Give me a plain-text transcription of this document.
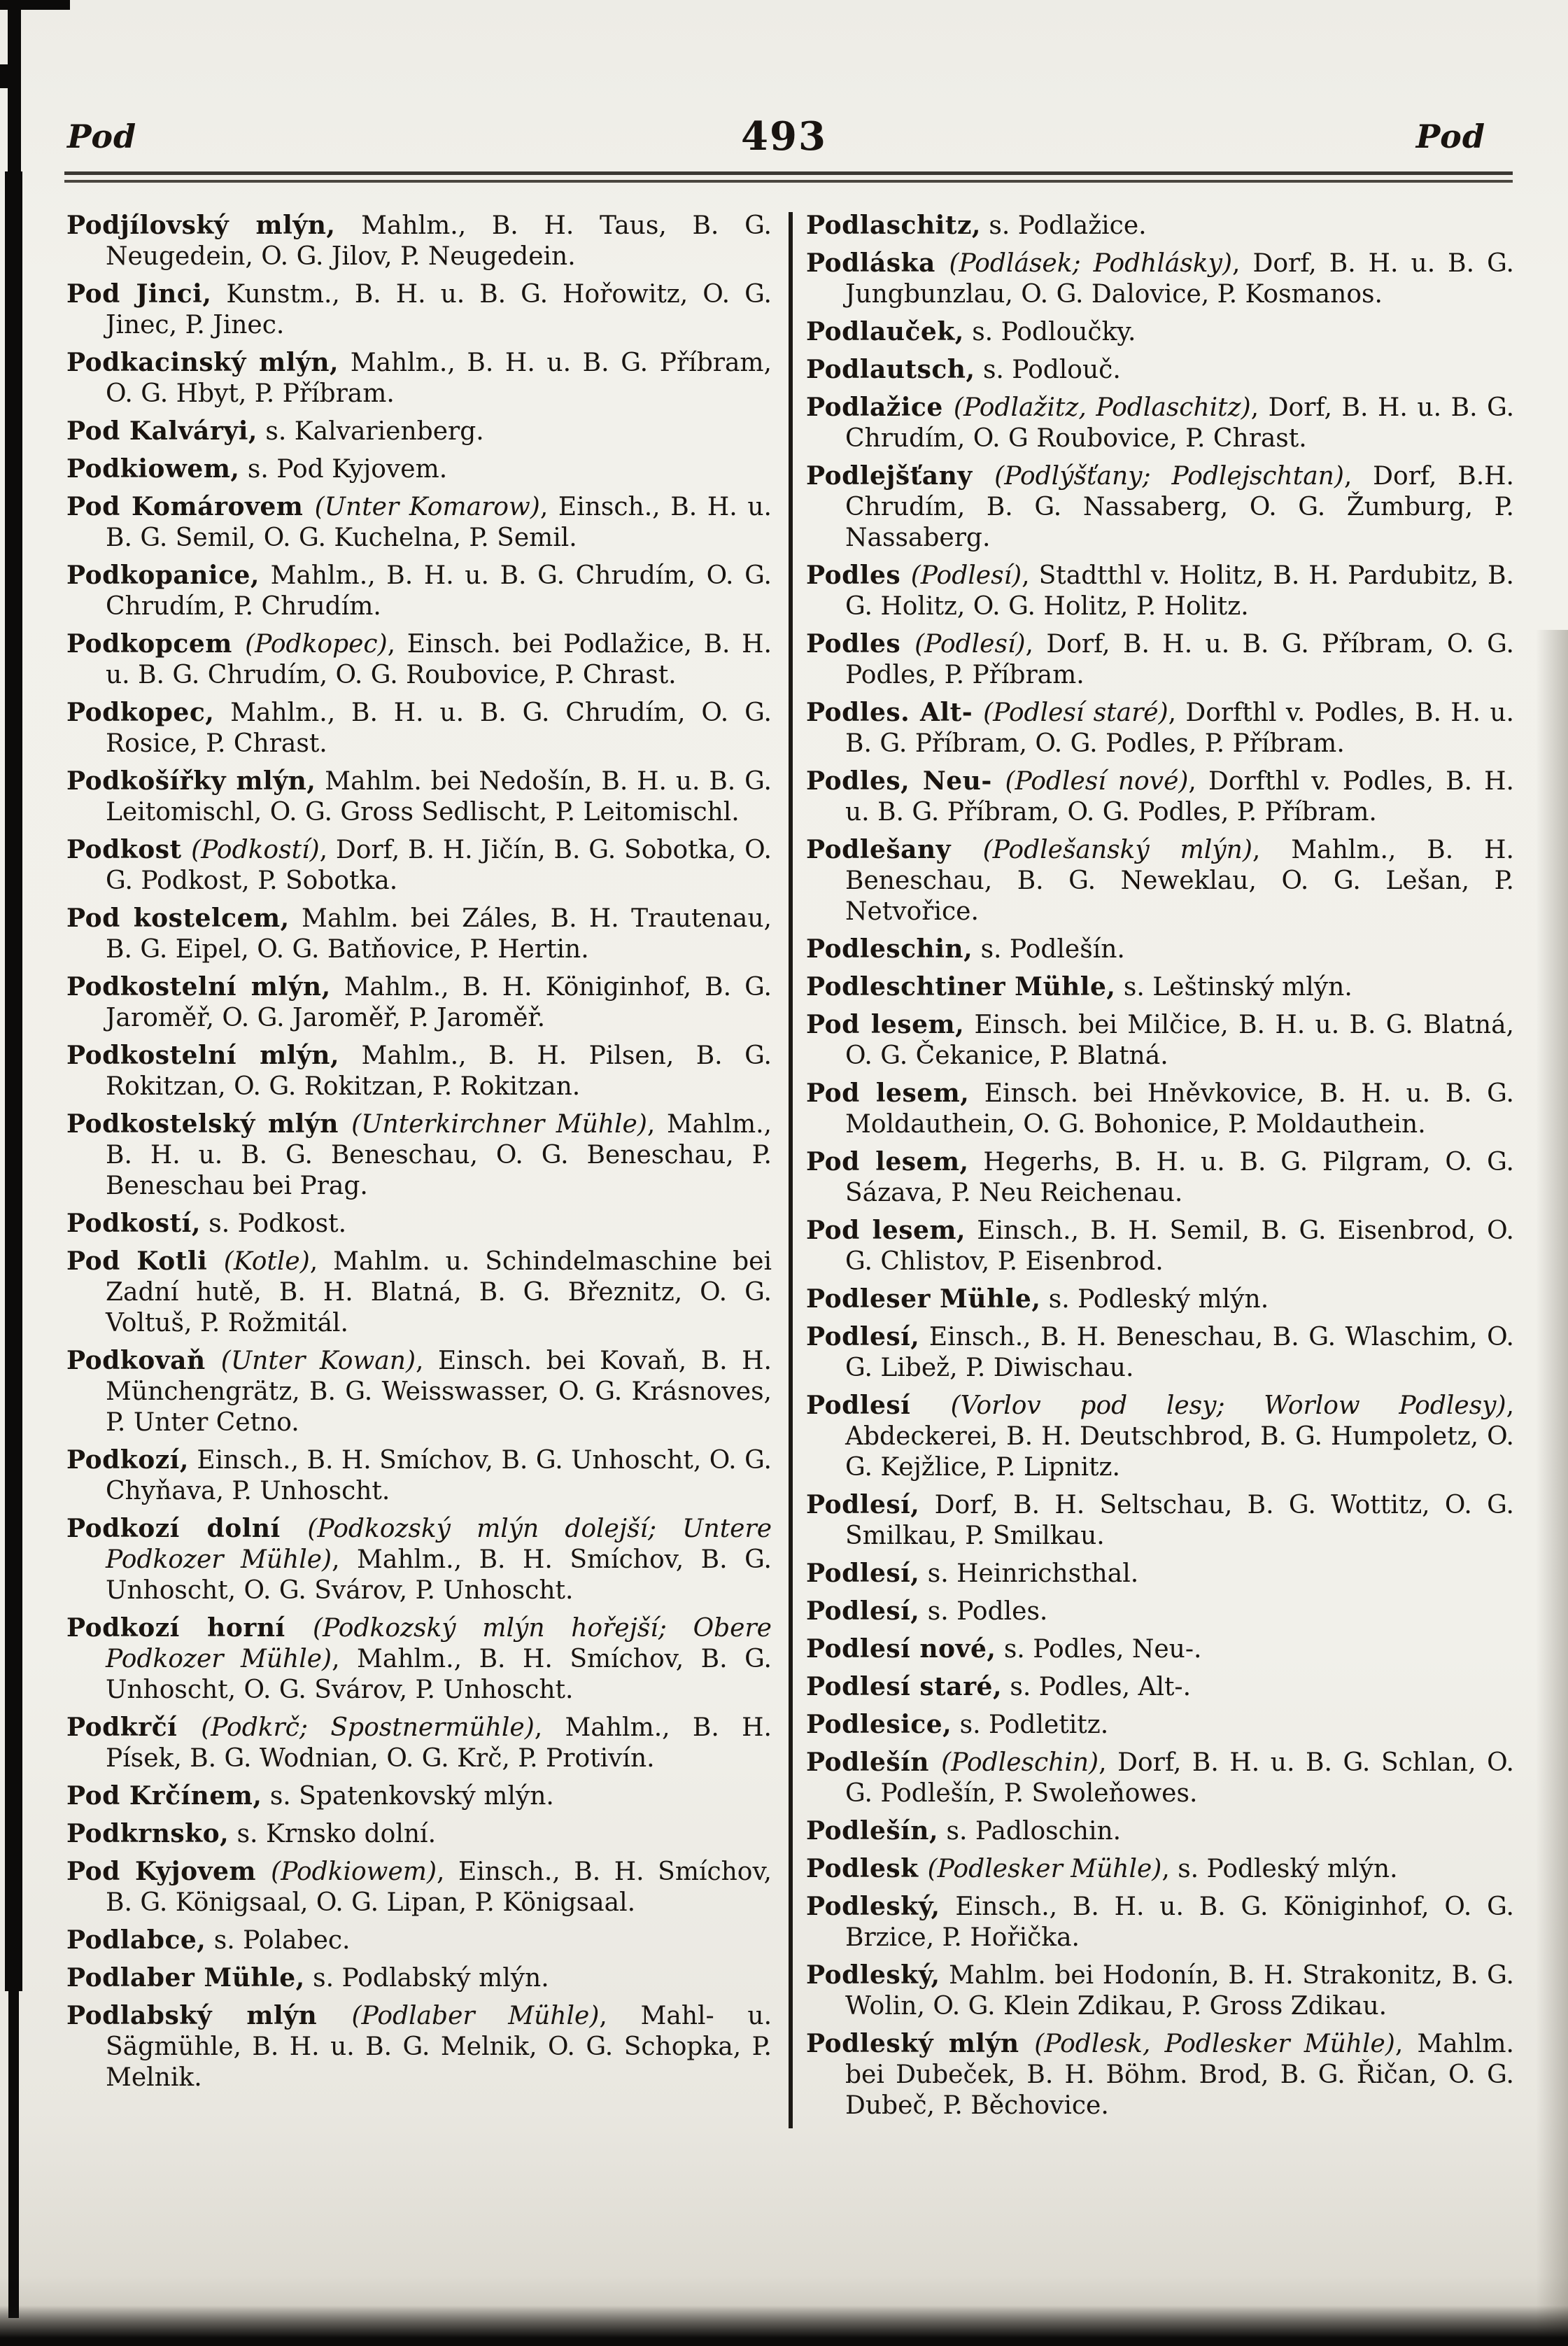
Pod	493	Pod

Podjílovský mlýn, Mahlm., B. H. Taus, B. G. Neugedein, O. G. Jilov, P. Neugedein.

Pod Jinci, Kunstm., B. H. u. B. G. Hořowitz, O. G. Jinec, P. Jinec.

Podkacinský mlýn, Mahlm., B. H. u. B. G. Příbram, O. G. Hbyt, P. Příbram.

Pod Kalváryi, s. Kalvarienberg.

Podkiowem, s. Pod Kyjovem.

Pod Komárovem (Unter Komarow), Einsch., B. H. u. B. G. Semil, O. G. Kuchelna, P. Semil.

Podkopanice, Mahlm., B. H. u. B. G. Chrudím, O. G. Chrudím, P. Chrudím.

Podkopcem (Podkopec), Einsch. bei Podlažice, B. H. u. B. G. Chrudím, O. G. Roubovice, P. Chrast.

Podkopec, Mahlm., B. H. u. B. G. Chrudím, O. G. Rosice, P. Chrast.

Podkošířky mlýn, Mahlm. bei Nedošín, B. H. u. B. G. Leitomischl, O. G. Gross Sedlischt, P. Leitomischl.

Podkost (Podkostí), Dorf, B. H. Jičín, B. G. Sobotka, O. G. Podkost, P. Sobotka.

Pod kostelcem, Mahlm. bei Záles, B. H. Trautenau, B. G. Eipel, O. G. Batňovice, P. Hertin.

Podkostelní mlýn, Mahlm., B. H. Königinhof, B. G. Jaroměř, O. G. Jaroměř, P. Jaroměř.

Podkostelní mlýn, Mahlm., B. H. Pilsen, B. G. Rokitzan, O. G. Rokitzan, P. Rokitzan.

Podkostelský mlýn (Unterkirchner Mühle), Mahlm., B. H. u. B. G. Beneschau, O. G. Beneschau, P. Beneschau bei Prag.

Podkostí, s. Podkost.

Pod Kotli (Kotle), Mahlm. u. Schindelmaschine bei Zadní hutě, B. H. Blatná, B. G. Březnitz, O. G. Voltuš, P. Rožmitál.

Podkovaň (Unter Kowan), Einsch. bei Kovaň, B. H. Münchengrätz, B. G. Weisswasser, O. G. Krásnoves, P. Unter Cetno.

Podkozí, Einsch., B. H. Smíchov, B. G. Unhoscht, O. G. Chyňava, P. Unhoscht.

Podkozí dolní (Podkozský mlýn dolejší; Untere Podkozer Mühle), Mahlm., B. H. Smíchov, B. G. Unhoscht, O. G. Svárov, P. Unhoscht.

Podkozí horní (Podkozský mlýn hořejší; Obere Podkozer Mühle), Mahlm., B. H. Smíchov, B. G. Unhoscht, O. G. Svárov, P. Unhoscht.

Podkrčí (Podkrč; Spostnermühle), Mahlm., B. H. Písek, B. G. Wodnian, O. G. Krč, P. Protivín.

Pod Krčínem, s. Spatenkovský mlýn.

Podkrnsko, s. Krnsko dolní.

Pod Kyjovem (Podkiowem), Einsch., B. H. Smíchov, B. G. Königsaal, O. G. Lipan, P. Königsaal.

Podlabce, s. Polabec.

Podlaber Mühle, s. Podlabský mlýn.

Podlabský mlýn (Podlaber Mühle), Mahl- u. Sägmühle, B. H. u. B. G. Melnik, O. G. Schopka, P. Melnik.

Podlaschitz, s. Podlažice.

Podláska (Podlásek; Podhlásky), Dorf, B. H. u. B. G. Jungbunzlau, O. G. Dalovice, P. Kosmanos.

Podlauček, s. Podloučky.

Podlautsch, s. Podlouč.

Podlažice (Podlažitz, Podlaschitz), Dorf, B. H. u. B. G. Chrudím, O. G Roubovice, P. Chrast.

Podlejšťany (Podlýšťany; Podlejschtan), Dorf, B.H. Chrudím, B. G. Nassaberg, O. G. Žumburg, P. Nassaberg.

Podles (Podlesí), Stadtthl v. Holitz, B. H. Pardubitz, B. G. Holitz, O. G. Holitz, P. Holitz.

Podles (Podlesí), Dorf, B. H. u. B. G. Příbram, O. G. Podles, P. Příbram.

Podles. Alt- (Podlesí staré), Dorfthl v. Podles, B. H. u. B. G. Příbram, O. G. Podles, P. Příbram.

Podles, Neu- (Podlesí nové), Dorfthl v. Podles, B. H. u. B. G. Příbram, O. G. Podles, P. Příbram.

Podlešany (Podlešanský mlýn), Mahlm., B. H. Beneschau, B. G. Neweklau, O. G. Lešan, P. Netvořice.

Podleschin, s. Podlešín.

Podleschtiner Mühle, s. Leštinský mlýn.

Pod lesem, Einsch. bei Milčice, B. H. u. B. G. Blatná, O. G. Čekanice, P. Blatná.

Pod lesem, Einsch. bei Hněvkovice, B. H. u. B. G. Moldauthein, O. G. Bohonice, P. Moldauthein.

Pod lesem, Hegerhs, B. H. u. B. G. Pilgram, O. G. Sázava, P. Neu Reichenau.

Pod lesem, Einsch., B. H. Semil, B. G. Eisenbrod, O. G. Chlistov, P. Eisenbrod.

Podleser Mühle, s. Podleský mlýn.

Podlesí, Einsch., B. H. Beneschau, B. G. Wlaschim, O. G. Libež, P. Diwischau.

Podlesí (Vorlov pod lesy; Worlow Podlesy), Abdeckerei, B. H. Deutschbrod, B. G. Humpoletz, O. G. Kejžlice, P. Lipnitz.

Podlesí, Dorf, B. H. Seltschau, B. G. Wottitz, O. G. Smilkau, P. Smilkau.

Podlesí, s. Heinrichsthal.

Podlesí, s. Podles.

Podlesí nové, s. Podles, Neu-.

Podlesí staré, s. Podles, Alt-.

Podlesice, s. Podletitz.

Podlešín (Podleschin), Dorf, B. H. u. B. G. Schlan, O. G. Podlešín, P. Swoleňowes.

Podlešín, s. Padloschin.

Podlesk (Podlesker Mühle), s. Podleský mlýn.

Podleský, Einsch., B. H. u. B. G. Königinhof, O. G. Brzice, P. Hořička.

Podleský, Mahlm. bei Hodonín, B. H. Strakonitz, B. G. Wolin, O. G. Klein Zdikau, P. Gross Zdikau.

Podleský mlýn (Podlesk, Podlesker Mühle), Mahlm. bei Dubeček, B. H. Böhm. Brod, B. G. Řičan, O. G. Dubeč, P. Běchovice.
